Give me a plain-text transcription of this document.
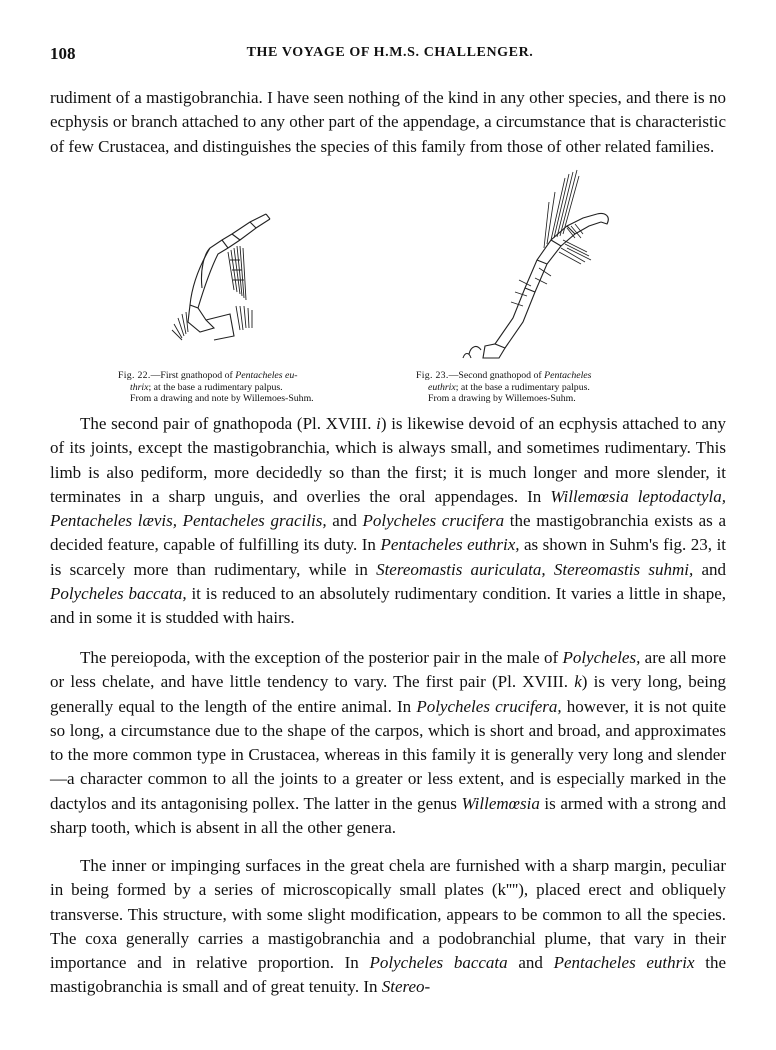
108	THE VOYAGE OF H.M.S. CHALLENGER.

rudiment of a mastigobranchia. I have seen nothing of the kind in any other species, and there is no ecphysis or branch attached to any other part of the appendage, a circumstance that is characteristic of few Crustacea, and distinguishes the species of this family from those of other related families.

Fig. 22.—First gnathopod of Pentacheles eu-
thrix; at the base a rudimentary palpus.
From a drawing and note by Willemoes-Suhm.
Fig. 23.—Second gnathopod of Pentacheles
euthrix; at the base a rudimentary palpus.
From a drawing by Willemoes-Suhm.

The second pair of gnathopoda (Pl. XVIII. i) is likewise devoid of an ecphysis attached to any of its joints, except the mastigobranchia, which is always small, and sometimes rudimentary. This limb is also pediform, more decidedly so than the first; it is much longer and more slender, it terminates in a sharp unguis, and overlies the oral appendages. In Willemœsia leptodactyla, Pentacheles lævis, Pentacheles gracilis, and Polycheles crucifera the mastigobranchia exists as a decided feature, capable of fulfilling its duty. In Pentacheles euthrix, as shown in Suhm's fig. 23, it is scarcely more than rudimentary, while in Stereomastis auriculata, Stereomastis suhmi, and Polycheles baccata, it is reduced to an absolutely rudimentary condition. It varies a little in shape, and in some it is studded with hairs.

The pereiopoda, with the exception of the posterior pair in the male of Polycheles, are all more or less chelate, and have little tendency to vary. The first pair (Pl. XVIII. k) is very long, being generally equal to the length of the entire animal. In Polycheles crucifera, however, it is not quite so long, a circumstance due to the shape of the carpos, which is short and broad, and approximates to the more common type in Crustacea, whereas in this family it is generally very long and slender—a character common to all the joints to a greater or less extent, and is especially marked in the dactylos and its antagonising pollex. The latter in the genus Willemœsia is armed with a strong and sharp tooth, which is absent in all the other genera.

The inner or impinging surfaces in the great chela are furnished with a sharp margin, peculiar in being formed by a series of microscopically small plates (k''''), placed erect and obliquely transverse. This structure, with some slight modification, appears to be common to all the species. The coxa generally carries a mastigobranchia and a podobranchial plume, that vary in their importance and in relative proportion. In Polycheles baccata and Pentacheles euthrix the mastigobranchia is small and of great tenuity. In Stereo-
